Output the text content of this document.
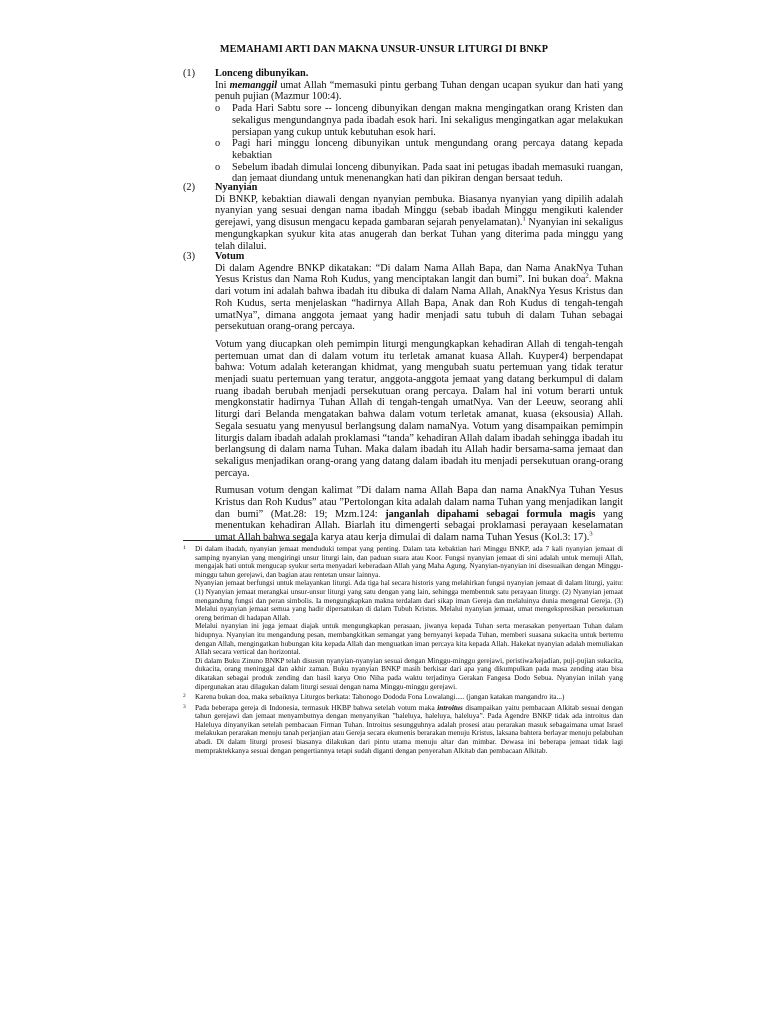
MEMAHAMI ARTI DAN MAKNA UNSUR-UNSUR LITURGI DI BNKP
(1) Lonceng dibunyikan.

Ini memanggil umat Allah “memasuki pintu gerbang Tuhan dengan ucapan syukur dan hati yang penuh pujian (Mazmur 100:4).

o Pada Hari Sabtu sore -- lonceng dibunyikan dengan makna mengingatkan orang Kristen dan sekaligus mengundangnya pada ibadah esok hari. Ini sekaligus mengingatkan agar melakukan persiapan yang cukup untuk kebutuhan esok hari.
o Pagi hari minggu lonceng dibunyikan untuk mengundang orang percaya datang kepada kebaktian
o Sebelum ibadah dimulai lonceng dibunyikan. Pada saat ini petugas ibadah memasuki ruangan, dan jemaat diundang untuk menenangkan hati dan pikiran dengan bersaat teduh.
(2) Nyanyian

Di BNKP, kebaktian diawali dengan nyanyian pembuka. Biasanya nyanyian yang dipilih adalah nyanyian yang sesuai dengan nama ibadah Minggu (sebab ibadah Minggu mengikuti kalender gerejawi, yang disusun mengacu kepada gambaran sejarah penyelamatan).$^1$ Nyanyian ini sekaligus mengungkapkan syukur kita atas anugerah dan berkat Tuhan yang diterima pada minggu yang telah dilalui.

(3) Votum

Di dalam Agendre BNKP dikatakan: “Di dalam Nama Allah Bapa, dan Nama AnakNya Tuhan Yesus Kristus dan Nama Roh Kudus, yang menciptakan langit dan bumi”. Ini bukan doa$^2$. Makna dari votum ini adalah bahwa ibadah itu dibuka di dalam Nama Allah, AnakNya Yesus Kristus dan Roh Kudus, serta menjelaskan “hadirnya Allah Bapa, Anak dan Roh Kudus di tengah-tengah umatNya”, dimana anggota jemaat yang hadir menjadi satu tubuh di dalam Tuhan sebagai persekutuan orang-orang percaya.

Votum yang diucapkan oleh pemimpin liturgi mengungkapkan kehadiran Allah di tengah-tengah pertemuan umat dan di dalam votum itu terletak amanat kuasa Allah. Kuyper4) berpendapat bahwa: Votum adalah keterangan khidmat, yang mengubah suatu pertemuan yang tidak teratur menjadi suatu pertemuan yang teratur, anggota-anggota jemaat yang datang berkumpul di dalam ruang ibadah berubah menjadi persekutuan orang percaya. Dalam hal ini votum berarti untuk mengkonstatir hadirnya Tuhan Allah di tengah-tengah umatNya. Van der Leeuw, seorang ahli liturgi dari Belanda mengatakan bahwa dalam votum terletak amanat, kuasa (eksousia) Allah. Segala sesuatu yang menyusul berlangsung dalam namaNya. Votum yang disampaikan pemimpin liturgis dalam ibadah adalah proklamasi “tanda” kehadiran Allah dalam ibadah sehingga ibadah itu berlangsung di dalam nama Tuhan. Maka dalam ibadah itu Allah hadir bersama-sama jemaat dan sekaligus menjadikan orang-orang yang datang dalam ibadah itu menjadi persekutuan orang-orang percaya.

Rumusan votum dengan kalimat ”Di dalam nama Allah Bapa dan nama AnakNya Tuhan Yesus Kristus dan Roh Kudus” atau ”Pertolongan kita adalah dalam nama Tuhan yang menjadikan langit dan bumi” (Mat.28: 19; Mzm.124: janganlah dipahami sebagai formula magis yang menentukan kehadiran Allah. Biarlah itu dimengerti sebagai proklamasi perayaan keselamatan umat Allah bahwa segala karya atau kerja dimulai di dalam nama Tuhan Yesus (Kol.3: 17).$^3$

1 Di dalam ibadah, nyanyian jemaat menduduki tempat yang penting. Dalam tata kebaktian hari Minggu BNKP, ada 7 kali nyanyian jemaat di samping nyanyian yang mengiringi unsur liturgi lain, dan paduan suara atau Koor. Fungsi nyanyian jemaat di sini adalah untuk memuji Allah, mengajak hati untuk mengucap syukur serta menyadari keberadaan Allah yang Maha Agung. Nyanyian-nyanyian ini disesuaikan dengan Minggu-minggu tahun gerejawi, dan bagian atau rentetan unsur lainnya.

Nyanyian jemaat berfungsi untuk melayankan liturgi. Ada tiga hal secara historis yang melahirkan fungsi nyanyian jemaat di dalam liturgi, yaitu: (1) Nyanyian jemaat merangkai unsur-unsur liturgi yang satu dengan yang lain, sehingga membentuk satu perayaan liturgy. (2) Nyanyian jemaat mengandung fungsi dan peran simbolis. Ia mengungkapkan makna terdalam dari sikap iman Gereja dan melaluinya dunia mengenal Gereja. (3) Melalui nyanyian jemaat semua yang hadir dipersatukan di dalam Tubuh Kristus. Melalui nyanyian jemaat, umat mengekspresikan persekutuan oreng beriman di hadapan Allah.

Melalui nyanyian ini juga jemaat diajak untuk mengungkapkan perasaan, jiwanya kepada Tuhan serta merasakan penyertaan Tuhan dalam hidupnya. Nyanyian itu mengandung pesan, membangkitkan semangat yang bernyanyi kepada Tuhan, memberi suasana sukacita untuk bertemu dengan Allah, mengingatkan hubungan kita kepada Allah dan menguatkan iman percaya kita kepada Allah. Hakekat nyanyian adalah memuliakan Allah secara vertical dan horizontal.

Di dalam Buku Zinuno BNKP telah disusun nyanyian-nyanyian sesuai dengan Minggu-minggu gerejawi, peristiwa/kejadian, puji-pujian sukacita, dukacita, orang meninggal dan akhir zaman. Buku nyanyian BNKP masih berkisar dari apa yang dikumpulkan pada masa zending atau bisa dikatakan sebagai produk zending dan hasil karya Ono Niha pada waktu terjadinya Gerakan Fangesa Dodo Sebua. Nyanyian inilah yang dipergunakan atau dilagukan dalam liturgi sesuai dengan nama Minggu-minggu gerejawi.

2 Karena bukan doa, maka sebaiknya Liturgos berkata: Tahonogo Dododa Fona Lowalangi..... (jangan katakan mangandro ita...)

3 Pada beberapa gereja di Indonesia, termasuk HKBP bahwa setelah votum maka introitus disampaikan yaitu pembacaan Alkitab sesuai dengan tahun gerejawi dan jemaat menyambutnya dengan menyanyikan ”haleluya, haleluya, haleluya”. Pada Agendre BNKP tidak ada introitus dan Haleluya dinyanyikan setelah pembacaan Firman Tuhan. Introitus sesungguhnya adalah prosesi atau perarakan masuk sebagaimana umat Israel melakukan perarakan menuju tanah perjanjian atau Gereja secara ekumenis berarakan menuju Kristus, laksana bahtera berlayar menuju pelabuhan abadi. Di dalam liturgi prosesi biasanya dilakukan dari pintu utama menuju altar dan mimbar. Dewasa ini beberapa jemaat tidak lagi mempraktekkanya sesuai dengan pengertiannya tetapi sudah diganti dengan penyerahan Alkitab dan pembacaan Alkitab.
